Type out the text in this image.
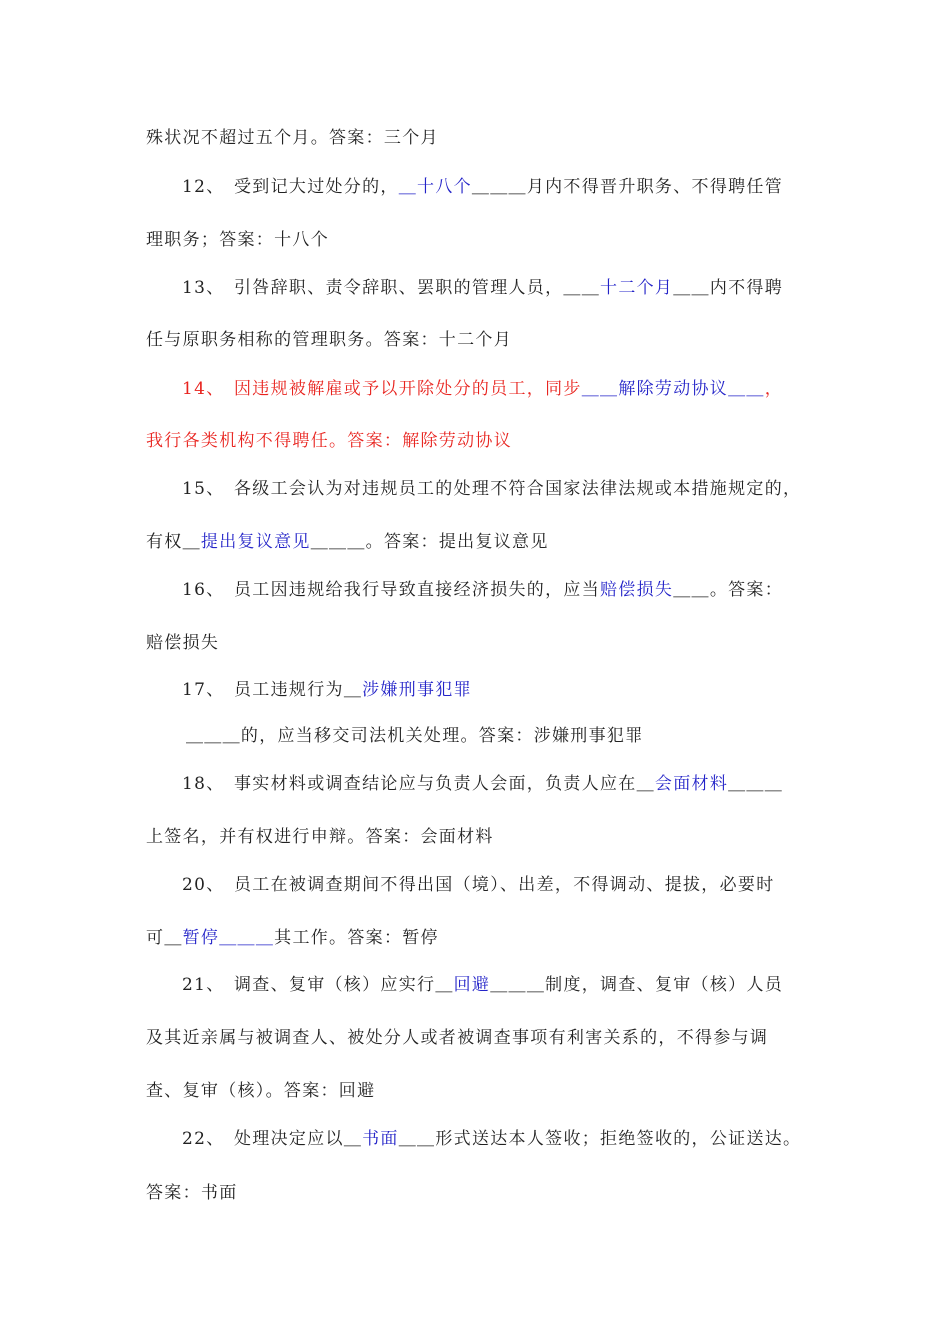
殊状况不超过五个月。答案：三个月
12、 受到记大过处分的，＿十八个＿＿＿月内不得晋升职务、不得聘任管
理职务；答案：十八个
13、 引咎辞职、责令辞职、罢职的管理人员，＿＿十二个月＿＿内不得聘
任与原职务相称的管理职务。答案：十二个月
14、 因违规被解雇或予以开除处分的员工，同步＿＿解除劳动协议＿＿，
我行各类机构不得聘任。答案：解除劳动协议
15、 各级工会认为对违规员工的处理不符合国家法律法规或本措施规定的，
有权＿提出复议意见＿＿＿。答案：提出复议意见
16、 员工因违规给我行导致直接经济损失的，应当赔偿损失＿＿。答案：
赔偿损失
17、 员工违规行为＿涉嫌刑事犯罪
＿＿＿的，应当移交司法机关处理。答案：涉嫌刑事犯罪
18、 事实材料或调查结论应与负责人会面，负责人应在＿会面材料＿＿＿
上签名，并有权进行申辩。答案：会面材料
20、 员工在被调查期间不得出国（境）、出差，不得调动、提拔，必要时
可＿暂停＿＿＿其工作。答案：暂停
21、 调查、复审（核）应实行＿回避＿＿＿制度，调查、复审（核）人员
及其近亲属与被调查人、被处分人或者被调查事项有利害关系的，不得参与调
查、复审（核）。答案：回避
22、 处理决定应以＿书面＿＿形式送达本人签收；拒绝签收的，公证送达。
答案：书面
